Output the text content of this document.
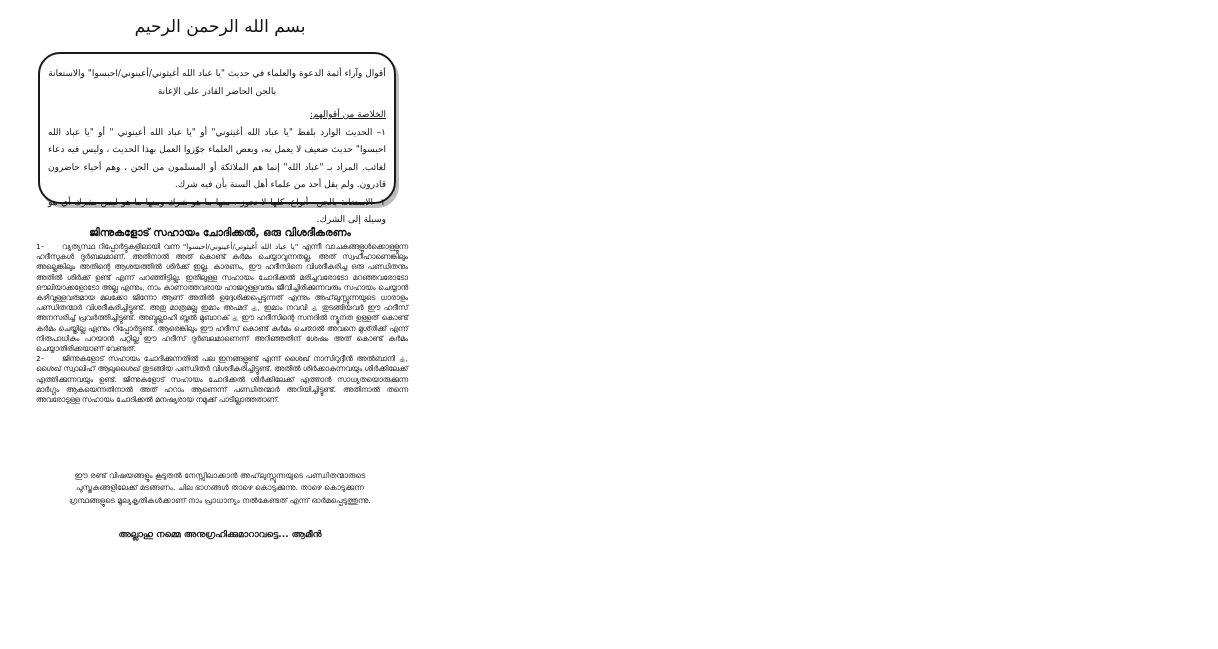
بسم الله الرحمن الرحيم
أقوال وآراء أئمة الدعوة والعلماء في حديث "يا عباد الله أغيثوني/أعينوني/احبسوا" والاستعانة بالجن الحاضر القادر على الإعانة
الخلاصة من أقوالهم:
١– الحديث الوارد بلفظ "يا عباد الله أغيثوني" أو "يا عباد الله أعينوني " أو "يا عباد الله احبسوا" حديث ضعيف لا يعمل به، وبعض العلماء جوّزوا العمل بهذا الحديث ، وليس فيه دعاء لغائب. المراد بـ "عباد الله" إنما هم الملائكة أو المسلمون من الجن ، وهم أحياء حاضرون قادرون. ولم يقل أحد من علماء أهل السنة بأن فيه شرك.
٢– الاستعانة بالجن– أنواع، كلها لا تجوز ، منها ما هو شرك ومنها ما هو ليس بشرك أي هو وسيلة إلى الشرك.
ജിന്നുകളോട് സഹായം ചോദിക്കൽ, ഒരു വിശദീകരണം

1– വ്യത്യസ്ഥ റിപ്പോർട്ടുകളിലായി വന്ന "يا عباد الله أغيثوني/أعينوني/احبسوا" എന്നീ വാചകങ്ങളുൾക്കൊള്ളുന്ന ഹദീസുകൾ ദുർബലമാണ്. അതിനാൽ അത് കൊണ്ട് കർമം ചെയ്യാവുന്നതല്ല. അത് സ്വഹീഹാണെങ്കിലും അല്ലെങ്കിലും അതിന്റെ ആശയത്തിൽ ശിർക്ക് ഇല്ല. കാരണം, ഈ ഹദീസിനെ വിശദീകരിച്ച ഒരു പണ്ഡിതനും അതിൽ ശിർക്ക് ഉണ്ട് എന്ന് പറഞ്ഞിട്ടില്ല. ഇതിലുള്ള സഹായം ചോദിക്കൽ മരിച്ചവരോടോ മറഞ്ഞവരോടോ ഔലിയാക്കളോടോ അല്ല എന്നും, നാം കാണാത്തവരായ ഹാജറുള്ളവരും ജീവിച്ചിരിക്കുന്നവരും സഹായം ചെയ്യാൻ കഴിവുള്ളവരുമായ മലക്കോ ജിന്നോ ആണ് അതിൽ ഉദ്ദേശിക്കപ്പെടുന്നത് എന്നും അഹ്‌ലുസ്സുന്നയുടെ ധാരാളം പണ്ഡിതന്മാർ വിശദീകരിച്ചിട്ടുണ്ട്. അതു മാത്രമല്ല ഇമാം അഹ്മദ് ﵀, ഇമാം നവവി ﵀ തുടങ്ങിയവർ ഈ ഹദീസ് അനസരിച്ച് പ്രവർത്തിച്ചിട്ടുണ്ട്. അബ്ദുല്ലാഹി ബ്നൽ മുബാറക് ﵀ ഈ ഹദീസിന്റെ സനദിൽ ന്യൂനത ഉള്ളത് കൊണ്ട് കർമം ചെയ്തില്ല എന്നും റിപ്പോർട്ടുണ്ട്. ആരെങ്കിലും ഈ ഹദീസ് കൊണ്ട് കർമം ചെതാൽ അവനെ മുശ്‌രിക്ക് എന്ന് നിരുപാധികം പറയാൻ പറ്റില്ല ഈ ഹദീസ് ദുർബലമാണെന്ന് അറിഞ്ഞതിന് ശേഷം അത് കൊണ്ട് കർമം ചെയ്യാതിരിക്കയാണ് വേണ്ടത്.

2– ജിന്നുകളോട് സഹായം ചോദിക്കുന്നതിൽ പല ഇനങ്ങളുണ്ട് എന്ന് ശൈഖ് നാസിറുദ്ദീൻ അൽബാനി ﵀, ശൈഖ് സ്വാലിഹ് ആലുശൈഖ് തുടങ്ങിയ പണ്ഡിതർ വിശദീകരിച്ചിട്ടുണ്ട്. അതിൽ ശിർക്കാകുന്നവയും ശിർക്കിലേക്ക് എത്തിക്കുന്നവയും ഉണ്ട്. ജിന്നുകളോട് സഹായം ചോദിക്കൽ ശിർക്കിലേക്ക് എത്താൻ സാധ്യതയൊരുക്കുന്ന മാർഗ്ഗം ആകയെന്നതിനാൽ അത് ഹറാം ആണെന്ന് പണ്ഡിതന്മാർ അറിയിച്ചിട്ടുണ്ട്. അതിനാൽ തന്നെ അവരോടുള്ള സഹായം ചോദിക്കൽ മനഷ്യരായ നമുക്ക് പാടില്ലാത്തതാണ്.

ഈ രണ്ട് വിഷയങ്ങളും കൂടുതൽ നേസ്സിലാക്കാൻ അഹ്‌ലുസ്സുന്നയുടെ പണ്ഡിതന്മാരുടെ പുസ്തകങ്ങളിലേക്ക് മടങ്ങണം. ചില ഭാഗങ്ങൾ താഴെ കൊടുക്കുന്നു. താഴെ കൊടുക്കുന്ന ഗ്രന്ഥങ്ങളുടെ മൂല്യകൃതികൾക്കാണ് നാം പ്രാധാന്യം നൽകേണ്ടത് എന്ന് ഓർമപ്പെടുത്തുന്നു.
അല്ലാഹു നമ്മെ അനുഗ്രഹിക്കുമാറാവട്ടെ... ആമീൻ
